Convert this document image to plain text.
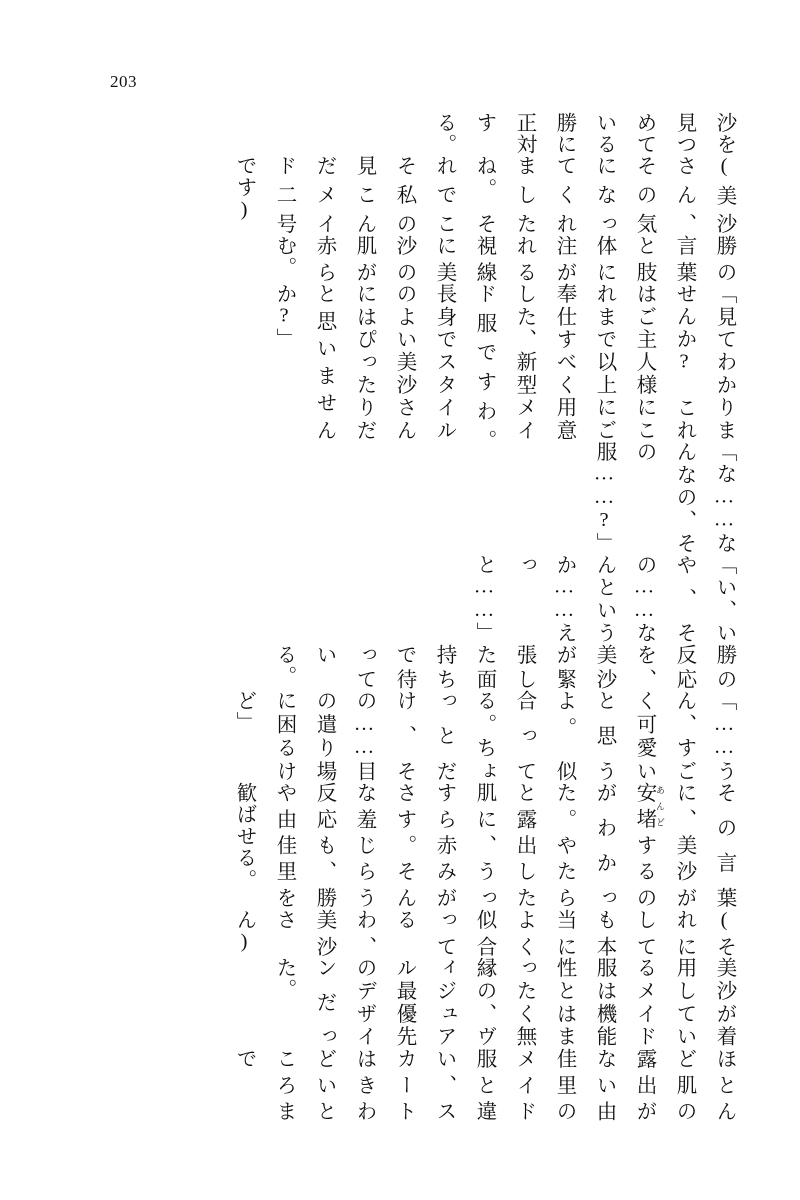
203

沙を見つめている勝に正対する。

(美沙さん、その気になってくれましたね。　それでこそ私の見こんだメイド二号です)

勝の言葉と肢体に注がれる視線に美沙の肌が赤らむ。

「見てわかりませんか?　これはご主人様にこれまで以上にご奉仕すべく用意した、新型メイド服ですわ。　長身でスタイルのよい美沙さんにはぴったりだと思いませんか?」

「な……なんなの、その服……?」

「い、いや、その……なんというか……えっと……」

勝の反応を、美沙が緊張した面持ちで待っている。

「……うん、すごく可愛いと思うよ。　似合ってる。ちょっとだけ、その……目の遣り場に困るけど」

その言葉に、美沙が安堵 あんどするのがわかった。やたらと露出した肌に、うっすら赤みがさす。そんな羞じらう反応も、勝や由佳里を歓ばせる。

(それにしても本当によく似合ってるわ、美沙さん)

美沙が着用しているメイド服は機能性とはまったく無縁の、ヴィジュアル最優先のデザインだった。

ほとんど肌の露出がない由佳里のメイド服と違い、スカートはきわどいところまで
